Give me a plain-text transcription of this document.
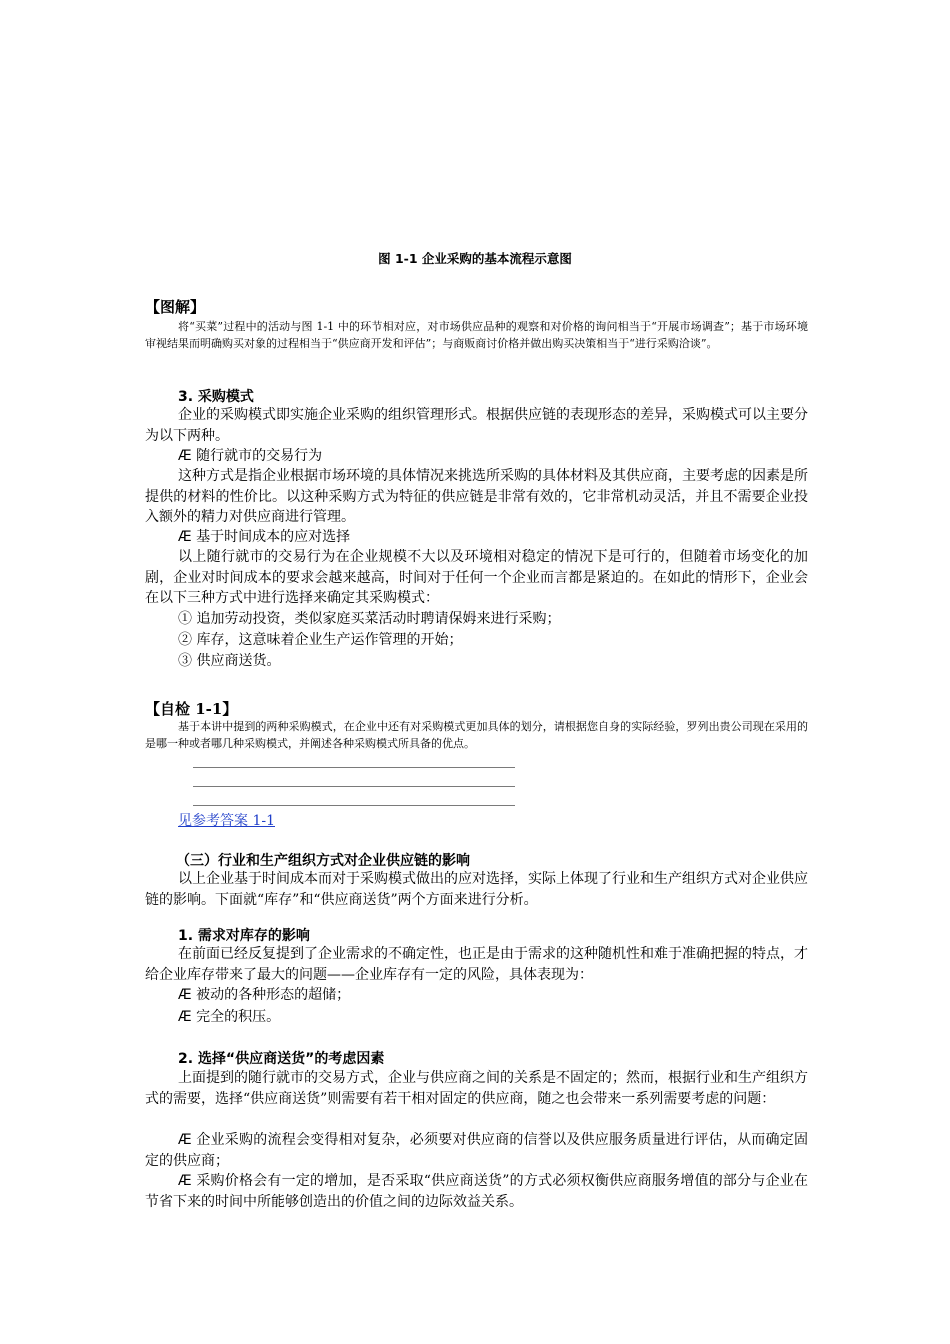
图 1-1 企业采购的基本流程示意图
【图解】
将“买菜”过程中的活动与图 1-1 中的环节相对应，对市场供应品种的观察和对价格的询问相当于“开展市场调查”；基于市场环境审视结果而明确购买对象的过程相当于“供应商开发和评估”；与商贩商讨价格并做出购买决策相当于“进行采购洽谈”。
3. 采购模式
企业的采购模式即实施企业采购的组织管理形式。根据供应链的表现形态的差异，采购模式可以主要分为以下两种。
Æ 随行就市的交易行为
这种方式是指企业根据市场环境的具体情况来挑选所采购的具体材料及其供应商，主要考虑的因素是所提供的材料的性价比。以这种采购方式为特征的供应链是非常有效的，它非常机动灵活，并且不需要企业投入额外的精力对供应商进行管理。
Æ 基于时间成本的应对选择
以上随行就市的交易行为在企业规模不大以及环境相对稳定的情况下是可行的，但随着市场变化的加剧，企业对时间成本的要求会越来越高，时间对于任何一个企业而言都是紧迫的。在如此的情形下，企业会在以下三种方式中进行选择来确定其采购模式：
① 追加劳动投资，类似家庭买菜活动时聘请保姆来进行采购；
② 库存，这意味着企业生产运作管理的开始；
③ 供应商送货。
【自检 1-1】
基于本讲中提到的两种采购模式，在企业中还有对采购模式更加具体的划分，请根据您自身的实际经验，罗列出贵公司现在采用的是哪一种或者哪几种采购模式，并阐述各种采购模式所具备的优点。
见参考答案 1-1
（三）行业和生产组织方式对企业供应链的影响
以上企业基于时间成本而对于采购模式做出的应对选择，实际上体现了行业和生产组织方式对企业供应链的影响。下面就“库存”和“供应商送货”两个方面来进行分析。
1. 需求对库存的影响
在前面已经反复提到了企业需求的不确定性，也正是由于需求的这种随机性和难于准确把握的特点，才给企业库存带来了最大的问题——企业库存有一定的风险，具体表现为：
Æ 被动的各种形态的超储；
Æ 完全的积压。
2. 选择“供应商送货”的考虑因素
上面提到的随行就市的交易方式，企业与供应商之间的关系是不固定的；然而，根据行业和生产组织方式的需要，选择“供应商送货”则需要有若干相对固定的供应商，随之也会带来一系列需要考虑的问题：
Æ 企业采购的流程会变得相对复杂，必须要对供应商的信誉以及供应服务质量进行评估，从而确定固定的供应商；
Æ 采购价格会有一定的增加，是否采取“供应商送货”的方式必须权衡供应商服务增值的部分与企业在节省下来的时间中所能够创造出的价值之间的边际效益关系。
